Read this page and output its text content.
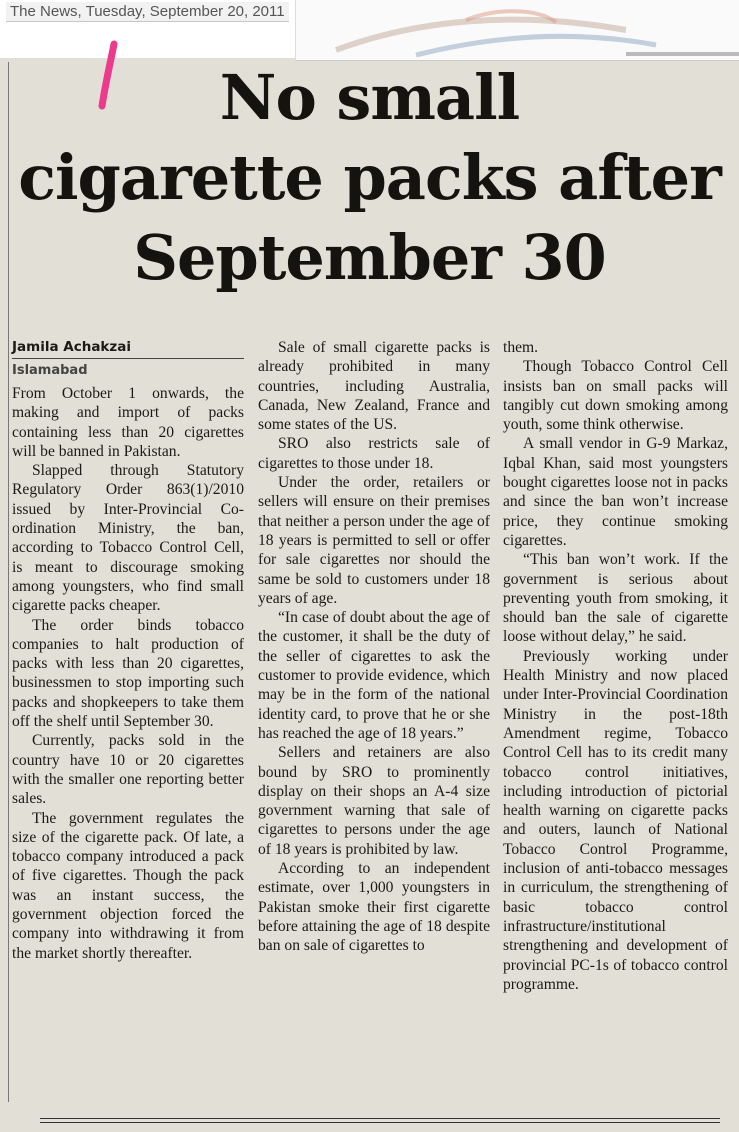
The News, Tuesday, September 20, 2011
No small
cigarette packs after
September 30
Jamila Achakzai
Islamabad

From October 1 onwards, the making and import of packs containing less than 20 cigarettes will be banned in Pakistan.

Slapped through Statutory Regulatory Order 863(1)/2010 issued by Inter-Provincial Co-ordination Ministry, the ban, according to Tobacco Control Cell, is meant to discourage smoking among youngsters, who find small cigarette packs cheaper.

The order binds tobacco companies to halt production of packs with less than 20 cigarettes, businessmen to stop importing such packs and shopkeepers to take them off the shelf until September 30.

Currently, packs sold in the country have 10 or 20 cigarettes with the smaller one reporting better sales.

The government regulates the size of the cigarette pack. Of late, a tobacco company introduced a pack of five cigarettes. Though the pack was an instant success, the government objection forced the company into withdrawing it from the market shortly thereafter.

Sale of small cigarette packs is already prohibited in many countries, including Australia, Canada, New Zealand, France and some states of the US.

SRO also restricts sale of cigarettes to those under 18.

Under the order, retailers or sellers will ensure on their premises that neither a person under the age of 18 years is permitted to sell or offer for sale cigarettes nor should the same be sold to customers under 18 years of age.

“In case of doubt about the age of the customer, it shall be the duty of the seller of cigarettes to ask the customer to provide evidence, which may be in the form of the national identity card, to prove that he or she has reached the age of 18 years.”

Sellers and retainers are also bound by SRO to prominently display on their shops an A-4 size government warning that sale of cigarettes to persons under the age of 18 years is prohibited by law.

According to an independent estimate, over 1,000 youngsters in Pakistan smoke their first cigarette before attaining the age of 18 despite ban on sale of cigarettes to

them.

Though Tobacco Control Cell insists ban on small packs will tangibly cut down smoking among youth, some think otherwise.

A small vendor in G-9 Markaz, Iqbal Khan, said most youngsters bought cigarettes loose not in packs and since the ban won’t increase price, they continue smoking cigarettes.

“This ban won’t work. If the government is serious about preventing youth from smoking, it should ban the sale of cigarette loose without delay,” he said.

Previously working under Health Ministry and now placed under Inter-Provincial Coordination Ministry in the post-18th Amendment regime, Tobacco Control Cell has to its credit many tobacco control initiatives, including introduction of pictorial health warning on cigarette packs and outers, launch of National Tobacco Control Programme, inclusion of anti-tobacco messages in curriculum, the strengthening of basic tobacco control infrastructure/institutional strengthening and development of provincial PC-1s of tobacco control programme.
